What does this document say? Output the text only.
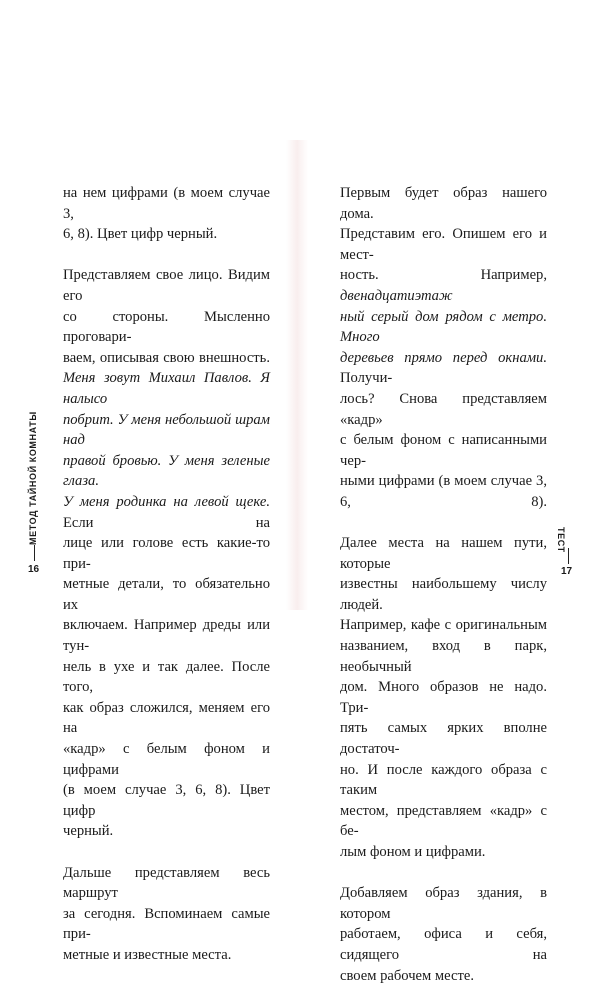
на нем цифрами (в моем случае 3,
6, 8). Цвет цифр черный.
Представляем свое лицо. Видим его
со стороны. Мысленно проговари-
ваем, описывая свою внешность.
Меня зовут Михаил Павлов. Я налысо
побрит. У меня небольшой шрам над
правой бровью. У меня зеленые глаза.
У меня родинка на левой щеке. Если на
лице или голове есть какие-то при-
метные детали, то обязательно их
включаем. Например дреды или тун-
нель в ухе и так далее. После того,
как образ сложился, меняем его на
«кадр» с белым фоном и цифрами
(в моем случае 3, 6, 8). Цвет цифр
черный.
Дальше представляем весь маршрут
за сегодня. Вспоминаем самые при-
метные и известные места.
МЕТОД ТАЙНОЙ КОМНАТЫ
16
Первым будет образ нашего дома.
Представим его. Опишем его и мест-
ность. Например, двенадцатиэтаж
ный серый дом рядом с метро. Много
деревьев прямо перед окнами. Получи-
лось? Снова представляем «кадр»
с белым фоном с написанными чер-
ными цифрами (в моем случае 3, 6, 8).
Далее места на нашем пути, которые
известны наибольшему числу людей.
Например, кафе с оригинальным
названием, вход в парк, необычный
дом. Много образов не надо. Три-
пять самых ярких вполне достаточ-
но. И после каждого образа с таким
местом, представляем «кадр» с бе-
лым фоном и цифрами.
Добавляем образ здания, в котором
работаем, офиса и себя, сидящего на
своем рабочем месте.
ТЕСТ
17
